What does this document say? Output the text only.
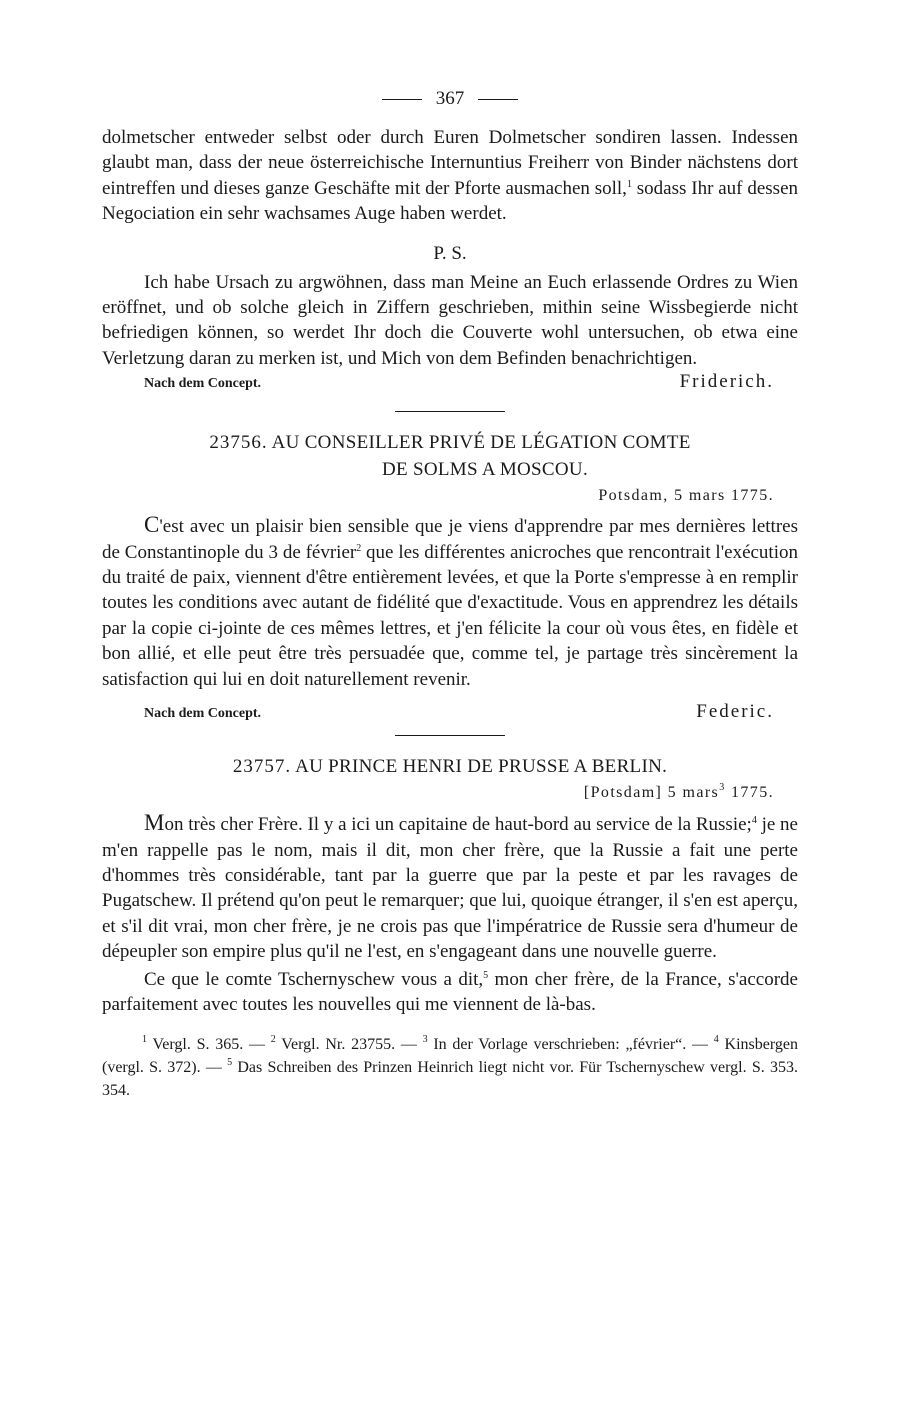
367

dolmetscher entweder selbst oder durch Euren Dolmetscher sondiren lassen. Indessen glaubt man, dass der neue österreichische Internuntius Freiherr von Binder nächstens dort eintreffen und dieses ganze Geschäfte mit der Pforte ausmachen soll,$^1$ sodass Ihr auf dessen Negociation ein sehr wachsames Auge haben werdet.

P. S.

Ich habe Ursach zu argwöhnen, dass man Meine an Euch erlassende Ordres zu Wien eröffnet, und ob solche gleich in Ziffern geschrieben, mithin seine Wissbegierde nicht befriedigen können, so werdet Ihr doch die Couverte wohl untersuchen, ob etwa eine Verletzung daran zu merken ist, und Mich von dem Befinden benachrichtigen.

Nach dem Concept.	Friderich.
23756. AU CONSEILLER PRIVÉ DE LÉGATION COMTE
DE SOLMS A MOSCOU.
Potsdam, 5 mars 1775.

C'est avec un plaisir bien sensible que je viens d'apprendre par mes dernières lettres de Constantinople du 3 de février$^2$ que les différentes anicroches que rencontrait l'exécution du traité de paix, viennent d'être entièrement levées, et que la Porte s'empresse à en remplir toutes les conditions avec autant de fidélité que d'exactitude. Vous en apprendrez les détails par la copie ci-jointe de ces mêmes lettres, et j'en félicite la cour où vous êtes, en fidèle et bon allié, et elle peut être très persuadée que, comme tel, je partage très sincèrement la satisfaction qui lui en doit naturellement revenir.

Nach dem Concept.	Federic.
23757. AU PRINCE HENRI DE PRUSSE A BERLIN.
[Potsdam] 5 mars$^3$ 1775.

Mon très cher Frère. Il y a ici un capitaine de haut-bord au service de la Russie;$^4$ je ne m'en rappelle pas le nom, mais il dit, mon cher frère, que la Russie a fait une perte d'hommes très considérable, tant par la guerre que par la peste et par les ravages de Pugatschew. Il prétend qu'on peut le remarquer; que lui, quoique étranger, il s'en est aperçu, et s'il dit vrai, mon cher frère, je ne crois pas que l'impératrice de Russie sera d'humeur de dépeupler son empire plus qu'il ne l'est, en s'engageant dans une nouvelle guerre.

Ce que le comte Tschernyschew vous a dit,$^5$ mon cher frère, de la France, s'accorde parfaitement avec toutes les nouvelles qui me viennent de là-bas.

$^1$ Vergl. S. 365. — $^2$ Vergl. Nr. 23755. — $^3$ In der Vorlage verschrieben: „février“. — $^4$ Kinsbergen (vergl. S. 372). — $^5$ Das Schreiben des Prinzen Heinrich liegt nicht vor. Für Tschernyschew vergl. S. 353. 354.
